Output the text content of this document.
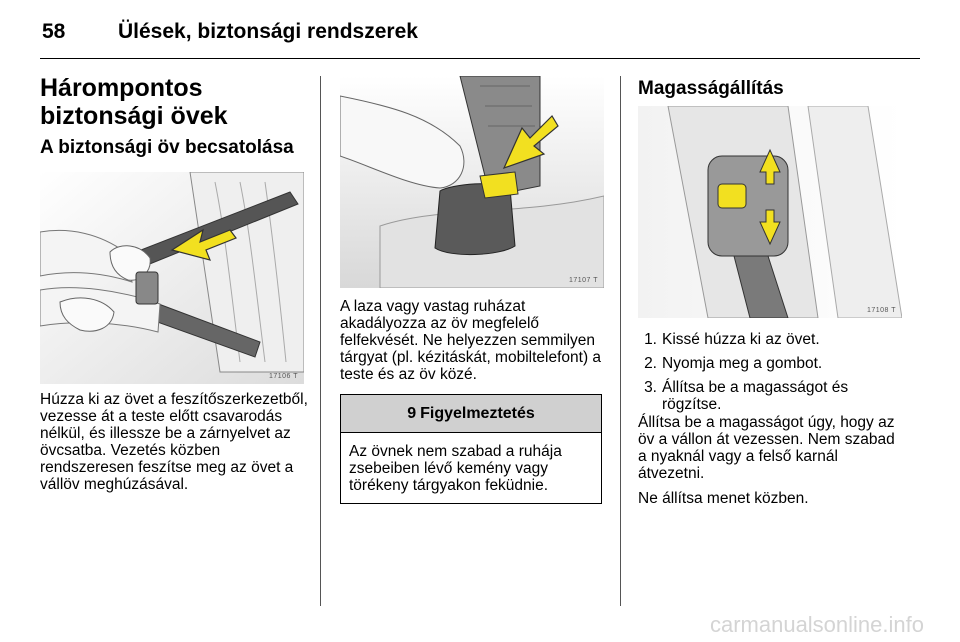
58	Ülések, biztonsági rendszerek
Hárompontos biztonsági övek
A biztonsági öv becsatolása
17106 T

Húzza ki az övet a feszítőszerkezetből, vezesse át a teste előtt csavarodás nélkül, és illessze be a zárnyelvet az övcsatba. Vezetés közben rendszeresen feszítse meg az övet a vállöv meghúzásával.

17107 T

A laza vagy vastag ruházat akadályozza az öv megfelelő felfekvését. Ne helyezzen semmilyen tárgyat (pl. kézitáskát, mobiltelefont) a teste és az öv közé.

9 Figyelmeztetés
Az övnek nem szabad a ruhája zsebeiben lévő kemény vagy törékeny tárgyakon feküdnie.
Magasságállítás
17108 T
1. Kissé húzza ki az övet.
2. Nyomja meg a gombot.
3. Állítsa be a magasságot és rögzítse.

Állítsa be a magasságot úgy, hogy az öv a vállon át vezessen. Nem szabad a nyaknál vagy a felső karnál átvezetni.

Ne állítsa menet közben.

carmanualsonline.info
